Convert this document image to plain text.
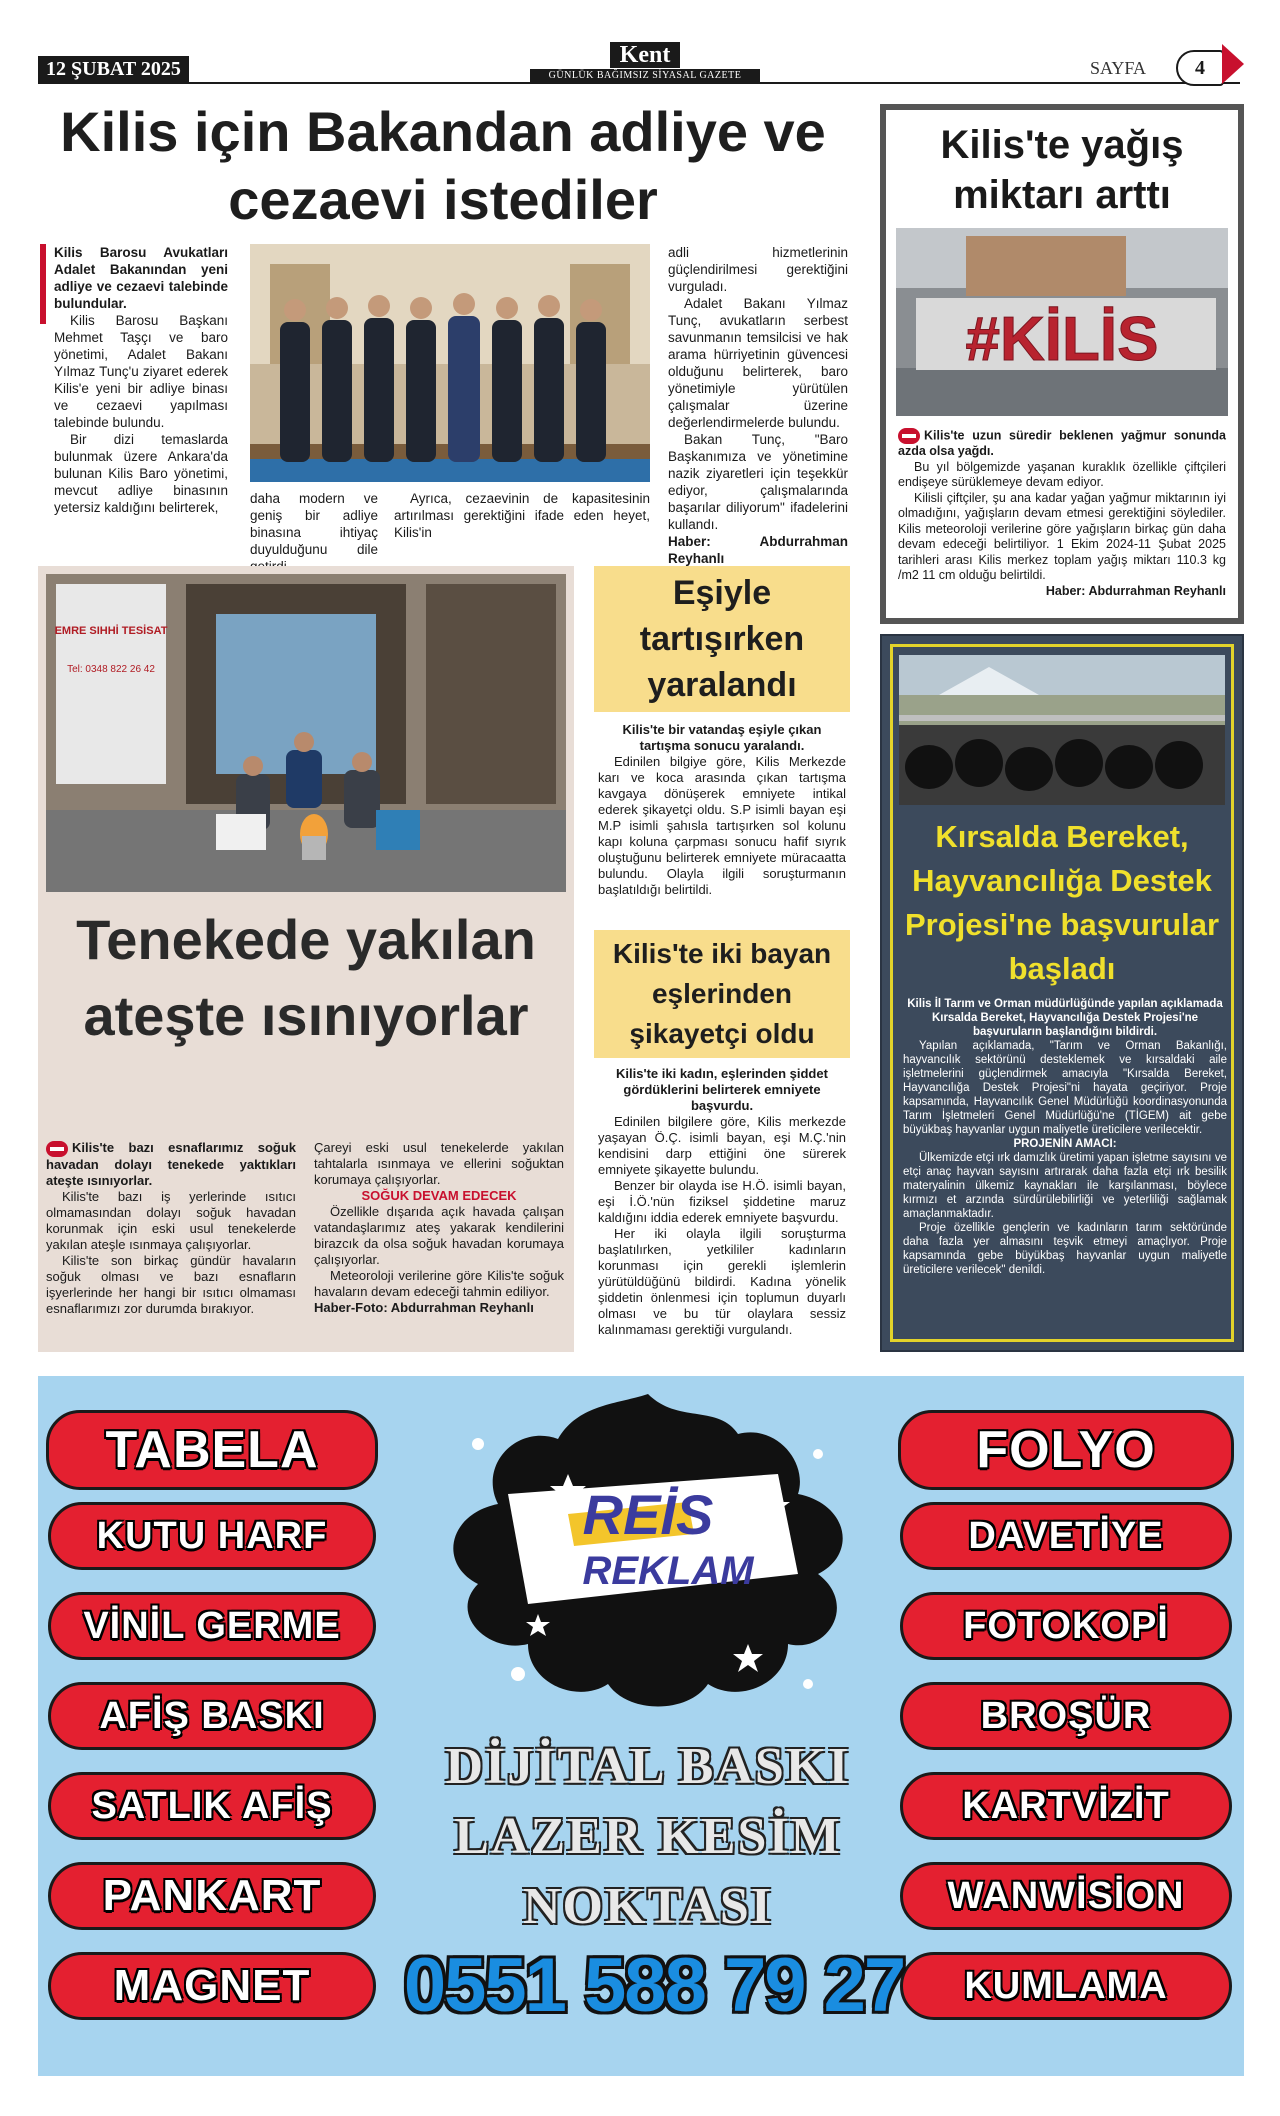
12 ŞUBAT 2025
Kent
GÜNLÜK BAĞIMSIZ SİYASAL GAZETE	SAYFA	4
Kilis için Bakandan adliye ve cezaevi istediler

Kilis Barosu Avukatları Adalet Bakanından yeni adliye ve cezaevi talebinde bulundular.

Kilis Barosu Başkanı Mehmet Taşçı ve baro yönetimi, Adalet Bakanı Yılmaz Tunç'u ziyaret ederek Kilis'e yeni bir adliye binası ve cezaevi yapılması talebinde bulundu.

Bir dizi temaslarda bulunmak üzere Ankara'da bulunan Kilis Baro yönetimi, mevcut adliye binasının yetersiz kaldığını belirterek,

daha modern ve geniş bir adliye binasına ihtiyaç duyulduğunu dile

Ayrıca, cezaevinin de kapasitesinin artırılması gerektiğini ifade eden heyet, Kilis'in

adli hizmetlerinin güçlendirilmesi gerektiğini vurguladı.

Adalet Bakanı Yılmaz Tunç, avukatların serbest savunmanın temsilcisi ve hak arama hürriyetinin güvencesi olduğunu belirterek, baro yönetimiyle yürütülen çalışmalar üzerine değerlendirmelerde bulundu.

Bakan Tunç, "Baro Başkanımıza ve yönetimine nazik ziyaretleri için teşekkür ediyor, çalışmalarında başarılar diliyorum" ifadelerini kullandı.

Haber: Abdurrahman Reyhanlı

Kilis'te yağış miktarı arttı
#KİLİS

Kilis'te uzun süredir beklenen yağmur sonunda azda olsa yağdı.

Bu yıl bölgemizde yaşanan kuraklık özellikle çiftçileri endişeye sürüklemeye devam ediyor.

Kilisli çiftçiler, şu ana kadar yağan yağmur miktarının iyi olmadığını, yağışların devam etmesi gerektiğini söylediler. Kilis meteoroloji verilerine göre yağışların birkaç gün daha devam edeceği belirtiliyor. 1 Ekim 2024-11 Şubat 2025 tarihleri arası Kilis merkez toplam yağış miktarı 110.3 kg /m2 11 cm olduğu belirtildi.

Haber: Abdurrahman Reyhanlı

EMRE SIHHİ TESİSAT
Tel: 0348 822 26 42
Tenekede yakılan ateşte ısınıyorlar

Kilis'te bazı esnaflarımız soğuk havadan dolayı tenekede yaktıkları ateşte ısınıyorlar.

Kilis'te bazı iş yerlerinde ısıtıcı olmamasından dolayı soğuk havadan korunmak için eski usul tenekelerde yakılan ateşle ısınmaya çalışıyorlar.

Kilis'te son birkaç gündür havaların soğuk olması ve bazı esnafların işyerlerinde her hangi bir ısıtıcı olmaması esnaflarımızı zor durumda bırakıyor.

Çareyi eski usul tenekelerde yakılan tahtalarla ısınmaya ve ellerini soğuktan korumaya çalışıyorlar.

SOĞUK DEVAM EDECEK

Özellikle dışarıda açık havada çalışan vatandaşlarımız ateş yakarak kendilerini birazcık da olsa soğuk havadan korumaya çalışıyorlar.

Meteoroloji verilerine göre Kilis'te soğuk havaların devam edeceği tahmin ediliyor.

Haber-Foto: Abdurrahman Reyhanlı

Eşiyle tartışırken yaralandı

Kilis'te bir vatandaş eşiyle çıkan tartışma sonucu yaralandı.

Edinilen bilgiye göre, Kilis Merkezde karı ve koca arasında çıkan tartışma kavgaya dönüşerek emniyete intikal ederek şikayetçi oldu. S.P isimli bayan eşi M.P isimli şahısla tartışırken sol kolunu kapı koluna çarpması sonucu hafif sıyrık oluştuğunu belirterek emniyete müracaatta bulundu. Olayla ilgili soruşturmanın başlatıldığı belirtildi.

Kilis'te iki bayan eşlerinden şikayetçi oldu

Kilis'te iki kadın, eşlerinden şiddet gördüklerini belirterek emniyete başvurdu.

Edinilen bilgilere göre, Kilis merkezde yaşayan Ö.Ç. isimli bayan, eşi M.Ç.'nin kendisini darp ettiğini öne sürerek emniyete şikayette bulundu.

Benzer bir olayda ise H.Ö. isimli bayan, eşi İ.Ö.'nün fiziksel şiddetine maruz kaldığını iddia ederek emniyete başvurdu.

Her iki olayla ilgili soruşturma başlatılırken, yetkililer kadınların korunması için gerekli işlemlerin yürütüldüğünü bildirdi. Kadına yönelik şiddetin önlenmesi için toplumun duyarlı olması ve bu tür olaylara sessiz kalınmaması gerektiği vurgulandı.

Kırsalda Bereket, Hayvancılığa Destek Projesi'ne başvurular başladı

Kilis İl Tarım ve Orman müdürlüğünde yapılan açıklamada Kırsalda Bereket, Hayvancılığa Destek Projesi'ne başvuruların başlandığını bildirdi.

Yapılan açıklamada, "Tarım ve Orman Bakanlığı, hayvancılık sektörünü desteklemek ve kırsaldaki aile işletmelerini güçlendirmek amacıyla "Kırsalda Bereket, Hayvancılığa Destek Projesi"ni hayata geçiriyor. Proje kapsamında, Hayvancılık Genel Müdürlüğü koordinasyonunda Tarım İşletmeleri Genel Müdürlüğü'ne (TİGEM) ait gebe büyükbaş hayvanlar uygun maliyetle üreticilere verilecektir.

PROJENİN AMACI:

Ülkemizde etçi ırk damızlık üretimi yapan işletme sayısını ve etçi anaç hayvan sayısını artırarak daha fazla etçi ırk besilik materyalinin ülkemiz kaynakları ile karşılanması, böylece kırmızı et arzında sürdürülebilirliği ve yeterliliği sağlamak amaçlanmaktadır.

Proje özellikle gençlerin ve kadınların tarım sektöründe daha fazla yer almasını teşvik etmeyi amaçlıyor. Proje kapsamında gebe büyükbaş hayvanlar uygun maliyetle üreticilere verilecek" denildi.

TABELA
KUTU HARF
VİNİL GERME
AFİŞ BASKI
SATLIK AFİŞ
PANKART
MAGNET
FOLYO
DAVETİYE
FOTOKOPİ
BROŞÜR
KARTVİZİT
WANWİSİON
KUMLAMA
REİS
REKLAM
DİJİTAL BASKI
LAZER KESİM
NOKTASI
0551 588 79 27
